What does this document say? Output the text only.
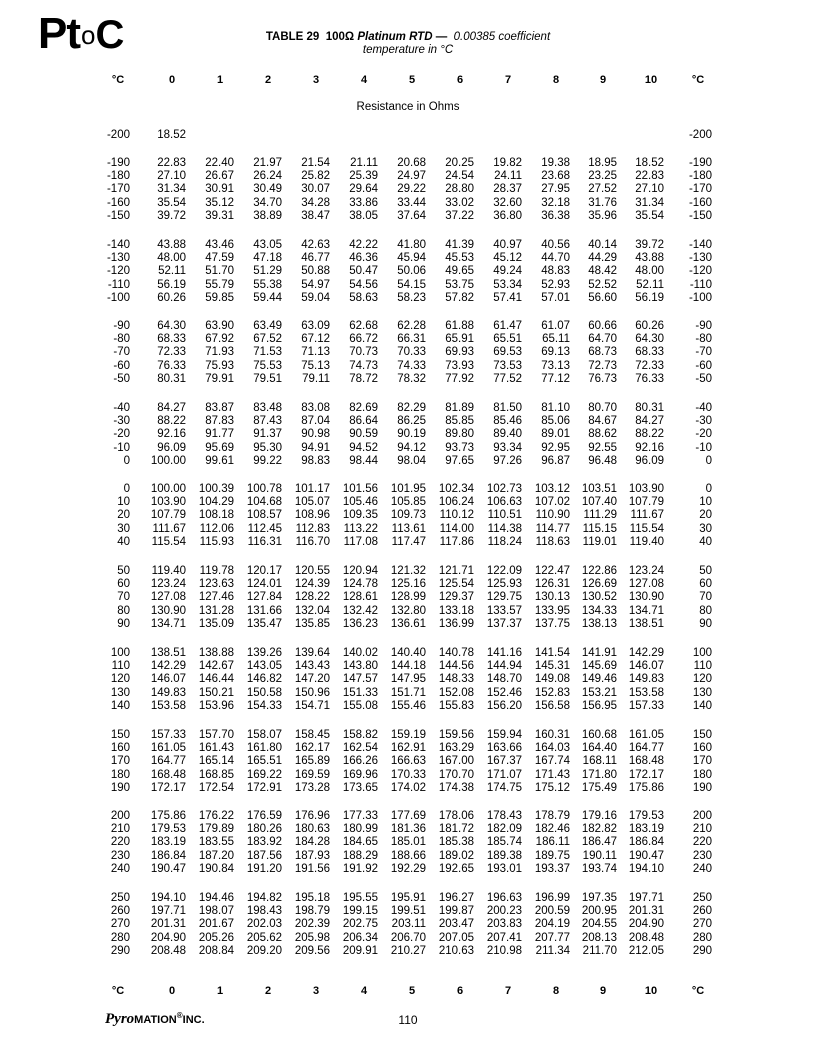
Pt$^o$C	TABLE 29 100Ω Platinum RTD — 0.00385 coefficient
temperature in °C
°C	0	1	2	3	4	5	6	7	8	9	10	°C
Resistance in Ohms
-200 18.52	-200
-190 22.83 22.40 21.97 21.54 21.11 20.68 20.25 19.82 19.38 18.95 18.52 -190
-180 27.10 26.67 26.24 25.82 25.39 24.97 24.54 24.11 23.68 23.25 22.83 -180
-170 31.34 30.91 30.49 30.07 29.64 29.22 28.80 28.37 27.95 27.52 27.10 -170
-160 35.54 35.12 34.70 34.28 33.86 33.44 33.02 32.60 32.18 31.76 31.34 -160
-150 39.72 39.31 38.89 38.47 38.05 37.64 37.22 36.80 36.38 35.96 35.54 -150
-140 43.88 43.46 43.05 42.63 42.22 41.80 41.39 40.97 40.56 40.14 39.72 -140
-130 48.00 47.59 47.18 46.77 46.36 45.94 45.53 45.12 44.70 44.29 43.88 -130
-120 52.11 51.70 51.29 50.88 50.47 50.06 49.65 49.24 48.83 48.42 48.00 -120
-110 56.19 55.79 55.38 54.97 54.56 54.15 53.75 53.34 52.93 52.52 52.11 -110
-100 60.26 59.85 59.44 59.04 58.63 58.23 57.82 57.41 57.01 56.60 56.19 -100
-90 64.30 63.90 63.49 63.09 62.68 62.28 61.88 61.47 61.07 60.66 60.26	-90
-80 68.33 67.92 67.52 67.12 66.72 66.31 65.91 65.51 65.11 64.70 64.30	-80
-70 72.33 71.93 71.53 71.13 70.73 70.33 69.93 69.53 69.13 68.73 68.33	-70
-60 76.33 75.93 75.53 75.13 74.73 74.33 73.93 73.53 73.13 72.73 72.33	-60
-50 80.31 79.91 79.51 79.11 78.72 78.32 77.92 77.52 77.12 76.73 76.33	-50
-40 84.27 83.87 83.48 83.08 82.69 82.29 81.89 81.50 81.10 80.70 80.31	-40
-30 88.22 87.83 87.43 87.04 86.64 86.25 85.85 85.46 85.06 84.67 84.27	-30
-20 92.16 91.77 91.37 90.98 90.59 90.19 89.80 89.40 89.01 88.62 88.22	-20
-10 96.09 95.69 95.30 94.91 94.52 94.12 93.73 93.34 92.95 92.55 92.16	-10
0 100.00 99.61 99.22 98.83 98.44 98.04 97.65 97.26 96.87 96.48 96.09	0
0 100.00 100.39 100.78 101.17 101.56 101.95 102.34 102.73 103.12 103.51 103.90	0
10 103.90 104.29 104.68 105.07 105.46 105.85 106.24 106.63 107.02 107.40 107.79	10
20 107.79 108.18 108.57 108.96 109.35 109.73 110.12 110.51 110.90 111.29 111.67	20
30 111.67 112.06 112.45 112.83 113.22 113.61 114.00 114.38 114.77 115.15 115.54	30
40 115.54 115.93 116.31 116.70 117.08 117.47 117.86 118.24 118.63 119.01 119.40	40
50 119.40 119.78 120.17 120.55 120.94 121.32 121.71 122.09 122.47 122.86 123.24	50
60 123.24 123.63 124.01 124.39 124.78 125.16 125.54 125.93 126.31 126.69 127.08	60
70 127.08 127.46 127.84 128.22 128.61 128.99 129.37 129.75 130.13 130.52 130.90	70
80 130.90 131.28 131.66 132.04 132.42 132.80 133.18 133.57 133.95 134.33 134.71	80
90 134.71 135.09 135.47 135.85 136.23 136.61 136.99 137.37 137.75 138.13 138.51	90
100 138.51 138.88 139.26 139.64 140.02 140.40 140.78 141.16 141.54 141.91 142.29	100
110 142.29 142.67 143.05 143.43 143.80 144.18 144.56 144.94 145.31 145.69 146.07	110
120 146.07 146.44 146.82 147.20 147.57 147.95 148.33 148.70 149.08 149.46 149.83	120
130 149.83 150.21 150.58 150.96 151.33 151.71 152.08 152.46 152.83 153.21 153.58	130
140 153.58 153.96 154.33 154.71 155.08 155.46 155.83 156.20 156.58 156.95 157.33	140
150 157.33 157.70 158.07 158.45 158.82 159.19 159.56 159.94 160.31 160.68 161.05	150
160 161.05 161.43 161.80 162.17 162.54 162.91 163.29 163.66 164.03 164.40 164.77	160
170 164.77 165.14 165.51 165.89 166.26 166.63 167.00 167.37 167.74 168.11 168.48	170
180 168.48 168.85 169.22 169.59 169.96 170.33 170.70 171.07 171.43 171.80 172.17	180
190 172.17 172.54 172.91 173.28 173.65 174.02 174.38 174.75 175.12 175.49 175.86	190
200 175.86 176.22 176.59 176.96 177.33 177.69 178.06 178.43 178.79 179.16 179.53	200
210 179.53 179.89 180.26 180.63 180.99 181.36 181.72 182.09 182.46 182.82 183.19	210
220 183.19 183.55 183.92 184.28 184.65 185.01 185.38 185.74 186.11 186.47 186.84	220
230 186.84 187.20 187.56 187.93 188.29 188.66 189.02 189.38 189.75 190.11 190.47	230
240 190.47 190.84 191.20 191.56 191.92 192.29 192.65 193.01 193.37 193.74 194.10	240
250 194.10 194.46 194.82 195.18 195.55 195.91 196.27 196.63 196.99 197.35 197.71	250
260 197.71 198.07 198.43 198.79 199.15 199.51 199.87 200.23 200.59 200.95 201.31	260
270 201.31 201.67 202.03 202.39 202.75 203.11 203.47 203.83 204.19 204.55 204.90	270
280 204.90 205.26 205.62 205.98 206.34 206.70 207.05 207.41 207.77 208.13 208.48	280
290 208.48 208.84 209.20 209.56 209.91 210.27 210.63 210.98 211.34 211.70 212.05	290
°C	0	1	2	3	4	5	6	7	8	9	10	°C
PyroMATION®INC.	110
